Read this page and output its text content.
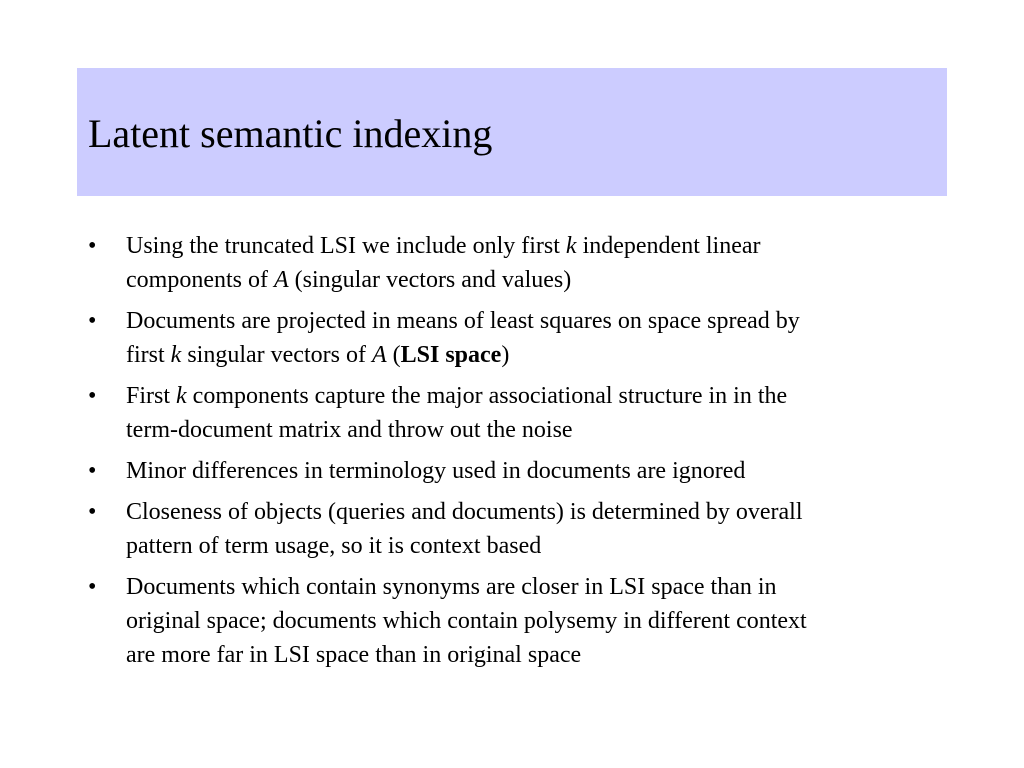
Latent semantic indexing
• Using the truncated LSI we include only first k independent linear
components of A (singular vectors and values)
• Documents are projected in means of least squares on space spread by
first k singular vectors of A (LSI space)
• First k components capture the major associational structure in in the
term-document matrix and throw out the noise
• Minor differences in terminology used in documents are ignored
• Closeness of objects (queries and documents) is determined by overall
pattern of term usage, so it is context based
• Documents which contain synonyms are closer in LSI space than in
original space; documents which contain polysemy in different context
are more far in LSI space than in original space
